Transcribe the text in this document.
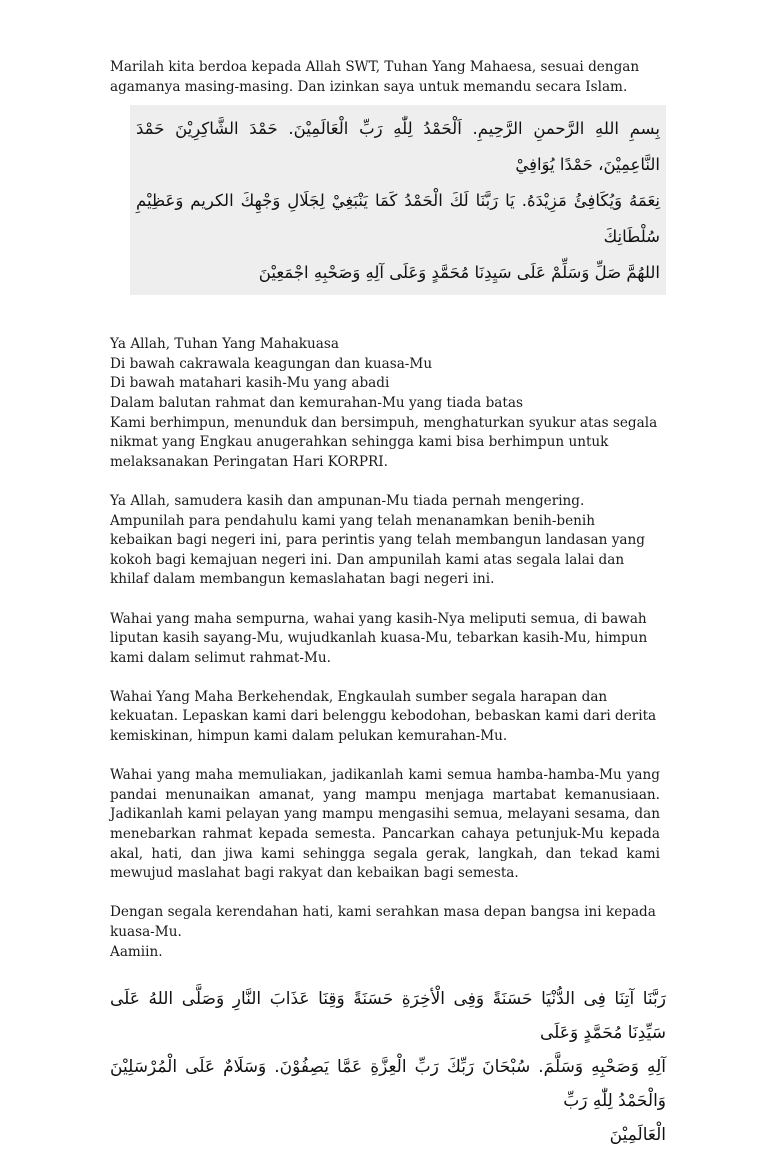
Marilah kita berdoa kepada Allah SWT, Tuhan Yang Mahaesa, sesuai dengan agamanya masing-masing. Dan izinkan saya untuk memandu secara Islam.

بِسمِ اللهِ الرَّحمنِ الرَّحِيمِ. اَلْحَمْدُ لِلّٰهِ رَبِّ الْعَالَمِيْنَ. حَمْدَ الشَّاكِرِيْنَ حَمْدَ النَّاعِمِيْنَ، حَمْدًا يُوَافِيْ
نِعَمَهُ وَيُكَافِئُ مَزِيْدَهُ. يَا رَبَّنَا لَكَ الْحَمْدُ كَمَا يَنْبَغِيْ لِجَلَالِ وَجْهِكَ الكريم وَعَظِيْمِ سُلْطَانِكَ
اللهُمَّ صَلِّ وَسَلِّمْ عَلَى سَيِدِنَا مُحَمَّدٍ وَعَلَى آلِهِ وَصَحْبِهِ اجْمَعِيْنَ

Ya Allah, Tuhan Yang Mahakuasa

Di bawah cakrawala keagungan dan kuasa-Mu

Di bawah matahari kasih-Mu yang abadi

Dalam balutan rahmat dan kemurahan-Mu yang tiada batas

Kami berhimpun, menunduk dan bersimpuh, menghaturkan syukur atas segala nikmat yang Engkau anugerahkan sehingga kami bisa berhimpun untuk melaksanakan Peringatan Hari KORPRI.

Ya Allah, samudera kasih dan ampunan-Mu tiada pernah mengering. Ampunilah para pendahulu kami yang telah menanamkan benih-benih kebaikan bagi negeri ini, para perintis yang telah membangun landasan yang kokoh bagi kemajuan negeri ini. Dan ampunilah kami atas segala lalai dan khilaf dalam membangun kemaslahatan bagi negeri ini.

Wahai yang maha sempurna, wahai yang kasih-Nya meliputi semua, di bawah liputan kasih sayang-Mu, wujudkanlah kuasa-Mu, tebarkan kasih-Mu, himpun kami dalam selimut rahmat-Mu.

Wahai Yang Maha Berkehendak, Engkaulah sumber segala harapan dan kekuatan. Lepaskan kami dari belenggu kebodohan, bebaskan kami dari derita kemiskinan, himpun kami dalam pelukan kemurahan-Mu.

Wahai yang maha memuliakan, jadikanlah kami semua hamba-hamba-Mu yang pandai menunaikan amanat, yang mampu menjaga martabat kemanusiaan. Jadikanlah kami pelayan yang mampu mengasihi semua, melayani sesama, dan menebarkan rahmat kepada semesta. Pancarkan cahaya petunjuk-Mu kepada akal, hati, dan jiwa kami sehingga segala gerak, langkah, dan tekad kami mewujud maslahat bagi rakyat dan kebaikan bagi semesta.

Dengan segala kerendahan hati, kami serahkan masa depan bangsa ini kepada kuasa-Mu.

Aamiin.

رَبَّنَا آتِنَا فِى الدُّنْيَا حَسَنَةً وَفِى الْأخِرَةِ حَسَنَةً وَقِنَا عَذَابَ النَّارِ وَصَلَّى اللهُ عَلَى سَيِّدِنَا مُحَمَّدٍ وَعَلَى
آلِهِ وَصَحْبِهِ وَسَلَّمَ. سُبْحَانَ رَبِّكَ رَبِّ الْعِزَّةِ عَمَّا يَصِفُوْنَ. وَسَلَامٌ عَلَى الْمُرْسَلِيْنَ وَالْحَمْدُ لِلّٰهِ رَبِّ
الْعَالَمِيْنَ
